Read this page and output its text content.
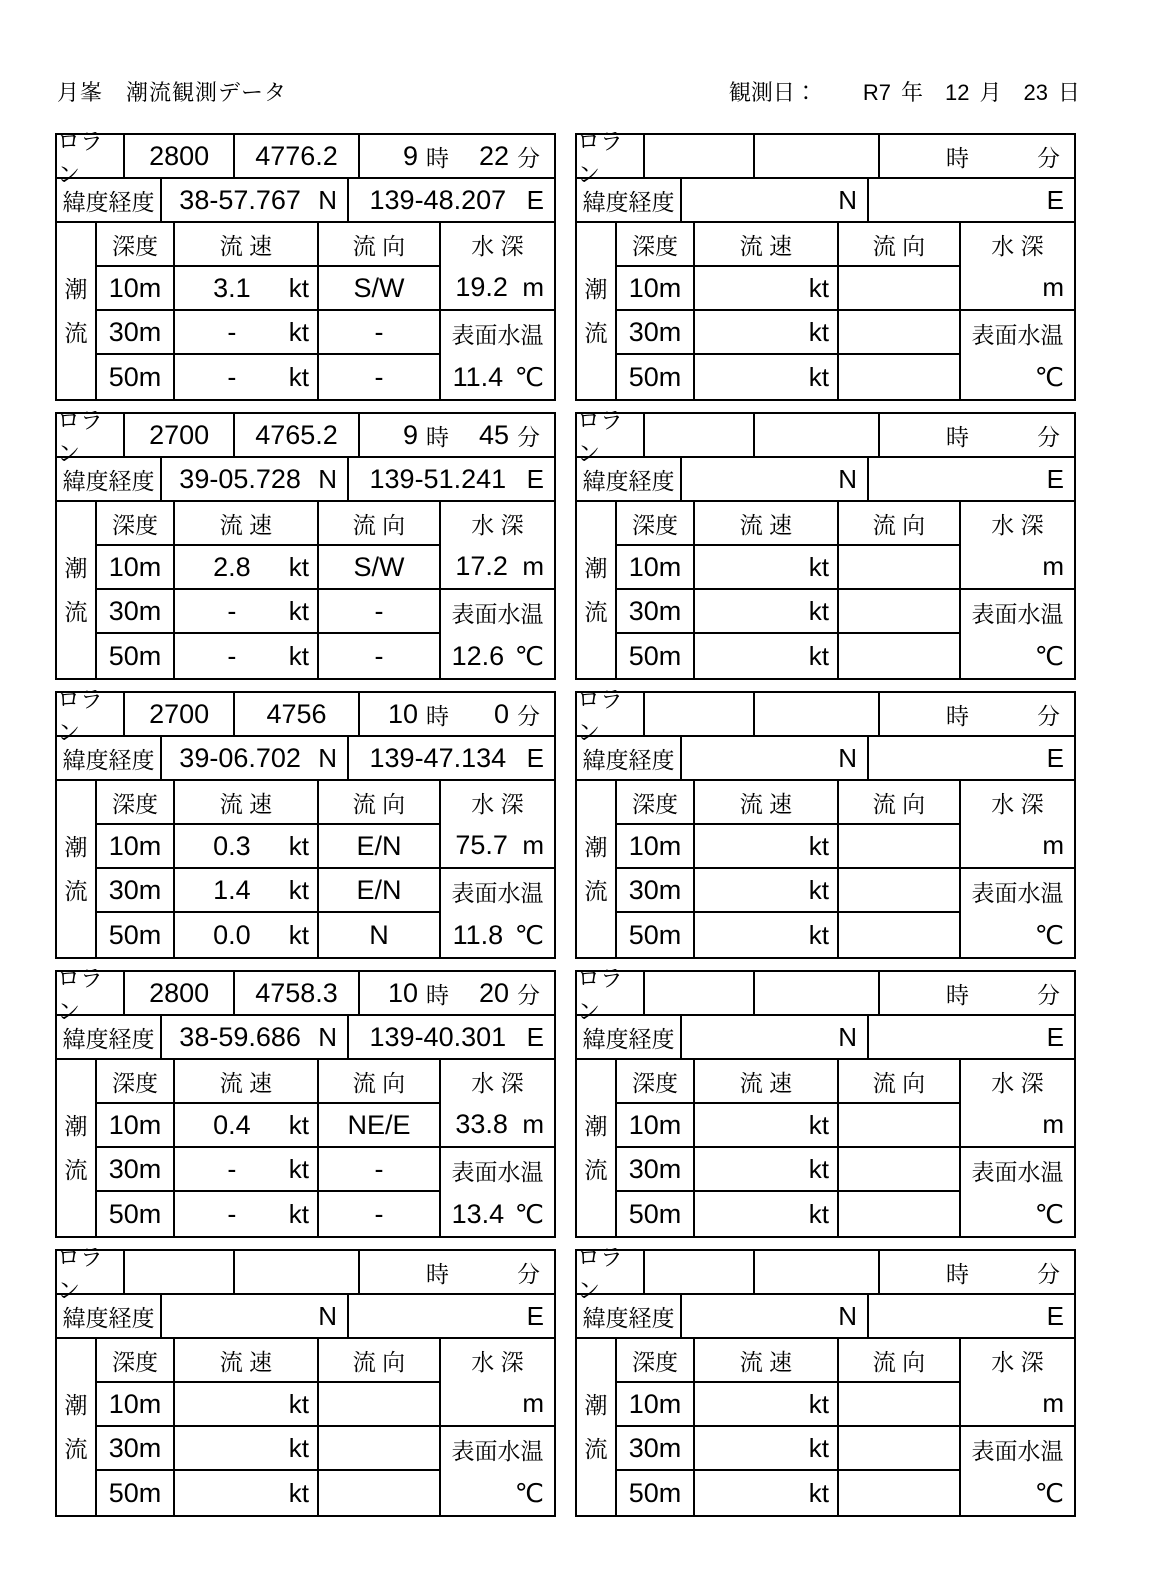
月峯　潮流観測データ	観測日： R7 年 12 月 23 日
ロラン
2800	4776.2	9 時	22 分
緯度経度 38-57.767 N	139-48.207 E
潮
流
深度	流 速	流 向	水 深
19.2 m
10m	3.1	kt	S/W
30m	-	kt	-
50m	-	kt	-
表面水温
11.4 ℃
ロラン
2700	4765.2	9 時	45 分
緯度経度 39-05.728 N	139-51.241 E
潮
流
深度	流 速	流 向	水 深
17.2 m
10m	2.8	kt	S/W
30m	-	kt	-
50m	-	kt	-
表面水温
12.6 ℃
ロラン
2700	4756	10 時	0 分
緯度経度 39-06.702 N	139-47.134 E
潮
流
深度	流 速	流 向	水 深
75.7 m
10m	0.3	kt	E/N
30m	1.4	kt	E/N
50m	0.0	kt	N
表面水温
11.8 ℃
ロラン
2800	4758.3	10 時	20 分
緯度経度 38-59.686 N	139-40.301 E
潮
流
深度	流 速	流 向	水 深
33.8 m
10m	0.4	kt	NE/E
30m	-	kt	-
50m	-	kt	-
表面水温
13.4 ℃
ロラン
時	分
緯度経度	N	E
潮
流
深度	流 速	流 向	水 深
m
10m	kt
30m	kt
50m	kt
表面水温
℃
ロラン
時	分
緯度経度	N	E
潮
流
深度	流 速	流 向	水 深
m
10m	kt
30m	kt
50m	kt
表面水温
℃
ロラン
時	分
緯度経度	N	E
潮
流
深度	流 速	流 向	水 深
m
10m	kt
30m	kt
50m	kt
表面水温
℃
ロラン
時	分
緯度経度	N	E
潮
流
深度	流 速	流 向	水 深
m
10m	kt
30m	kt
50m	kt
表面水温
℃
ロラン
時	分
緯度経度	N	E
潮
流
深度	流 速	流 向	水 深
m
10m	kt
30m	kt
50m	kt
表面水温
℃
ロラン
時	分
緯度経度	N	E
潮
流
深度	流 速	流 向	水 深
m
10m	kt
30m	kt
50m	kt
表面水温
℃
